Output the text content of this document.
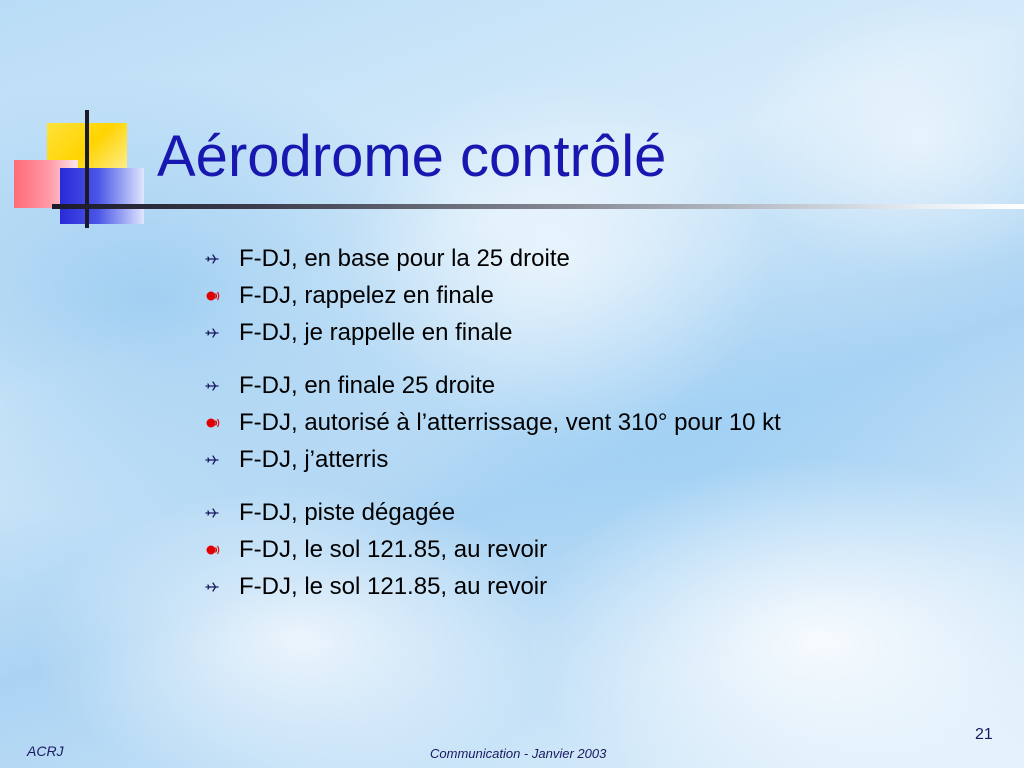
Aérodrome contrôlé
F-DJ, en base pour la 25 droite
F-DJ, rappelez en finale
F-DJ, je rappelle en finale
F-DJ, en finale 25 droite
F-DJ, autorisé à l’atterrissage, vent 310° pour 10 kt
F-DJ, j’atterris
F-DJ, piste dégagée
F-DJ, le sol 121.85, au revoir
F-DJ, le sol 121.85, au revoir
ACRJ	Communication - Janvier 2003
21
